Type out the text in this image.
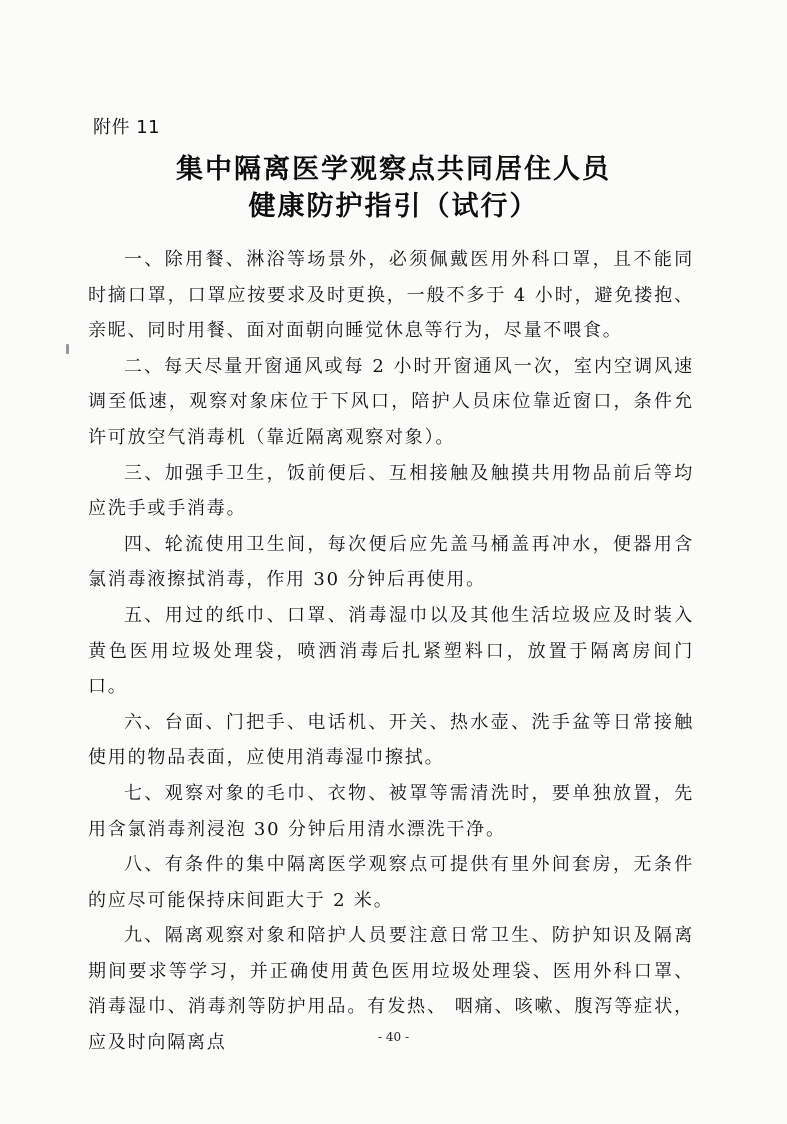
附件 11
集中隔离医学观察点共同居住人员
健康防护指引（试行）

一、除用餐、淋浴等场景外，必须佩戴医用外科口罩，且不能同时摘口罩，口罩应按要求及时更换，一般不多于 4 小时，避免搂抱、亲昵、同时用餐、面对面朝向睡觉休息等行为，尽量不喂食。

二、每天尽量开窗通风或每 2 小时开窗通风一次，室内空调风速调至低速，观察对象床位于下风口，陪护人员床位靠近窗口，条件允许可放空气消毒机（靠近隔离观察对象）。

三、加强手卫生，饭前便后、互相接触及触摸共用物品前后等均应洗手或手消毒。

四、轮流使用卫生间，每次便后应先盖马桶盖再冲水，便器用含氯消毒液擦拭消毒，作用 30 分钟后再使用。

五、用过的纸巾、口罩、消毒湿巾以及其他生活垃圾应及时装入黄色医用垃圾处理袋，喷洒消毒后扎紧塑料口，放置于隔离房间门口。

六、台面、门把手、电话机、开关、热水壶、洗手盆等日常接触使用的物品表面，应使用消毒湿巾擦拭。

七、观察对象的毛巾、衣物、被罩等需清洗时，要单独放置，先用含氯消毒剂浸泡 30 分钟后用清水漂洗干净。

八、有条件的集中隔离医学观察点可提供有里外间套房，无条件的应尽可能保持床间距大于 2 米。

九、隔离观察对象和陪护人员要注意日常卫生、防护知识及隔离期间要求等学习，并正确使用黄色医用垃圾处理袋、医用外科口罩、消毒湿巾、消毒剂等防护用品。有发热、 咽痛、咳嗽、腹泻等症状，应及时向隔离点	- 40 -
